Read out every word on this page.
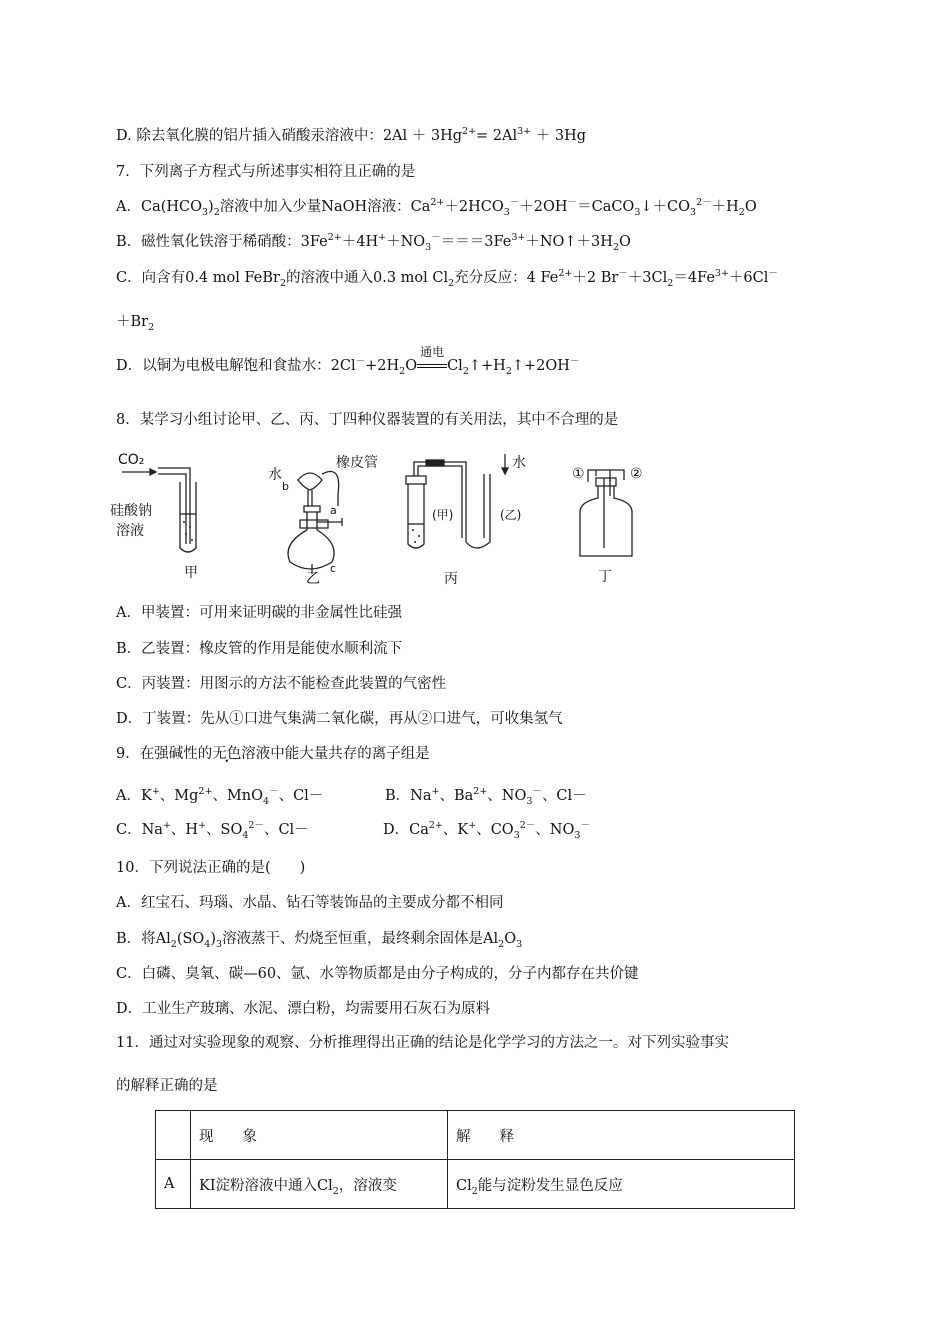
D. 除去氧化膜的铝片插入硝酸汞溶液中：$2Al + 3Hg^{2+}= 2Al^{3+} + 3Hg$
7．下列离子方程式与所述事实相符且正确的是
A．$Ca(HCO_3)_2$溶液中加入少量NaOH溶液：$Ca^{2+}+2HCO_3^-+2OH^-=CaCO_3↓+CO_3^{2-}+H_2O$
B．磁性氧化铁溶于稀硝酸：$3Fe^{2+}+4H^++NO_3^-===3Fe^{3+}+NO↑+3H_2O$
C．向含有0.4 mol FeBr$_2$的溶液中通入0.3 mol $Cl_2$充分反应：4 $Fe^{2+}+2$ $Br^-+3Cl_2=4Fe^{3+}+6Cl^-$
$+Br_2$
D．以铜为电极电解饱和食盐水：$2Cl^-+2H_2O$
通电
$Cl_2↑+H_2↑+2OH^-$
8．某学习小组讨论甲、乙、丙、丁四种仪器装置的有关用法，其中不合理的是
CO₂
硅酸钠
溶液
甲
水
橡皮管
b
a
c
乙
水
(甲)	(乙)
丙
①	②
丁
A．甲装置：可用来证明碳的非金属性比硅强
B．乙装置：橡皮管的作用是能使水顺利流下
C．丙装置：用图示的方法不能检查此装置的气密性
D．丁装置：先从①口进气集满二氧化碳，再从②口进气，可收集氢气
9．在强碱性的无色溶液中能大量共存的离子组是
A．K+、$Mg^{2+}$、MnO$_4$－、Cl－	B．Na+、$Ba^{2+}$、$NO_3^-$、Cl－
C．Na+、H+、$SO_4^{2-}$、Cl－	D．$Ca^{2+}$、K+、$CO_3^{2-}$、$NO_3^-$
10．下列说法正确的是(　　)
A．红宝石、玛瑙、水晶、钻石等装饰品的主要成分都不相同
B．将$Al_2(SO_4)_3$溶液蒸干、灼烧至恒重，最终剩余固体是$Al_2O_3$
C．白磷、臭氧、碳—60、氩、水等物质都是由分子构成的，分子内都存在共价键
D．工业生产玻璃、水泥、漂白粉，均需要用石灰石为原料
11．通过对实验现象的观察、分析推理得出正确的结论是化学学习的方法之一。对下列实验事实
的解释正确的是
	现　　象	解　　释
A	KI淀粉溶液中通入$Cl_2$，溶液变	$Cl_2$能与淀粉发生显色反应
